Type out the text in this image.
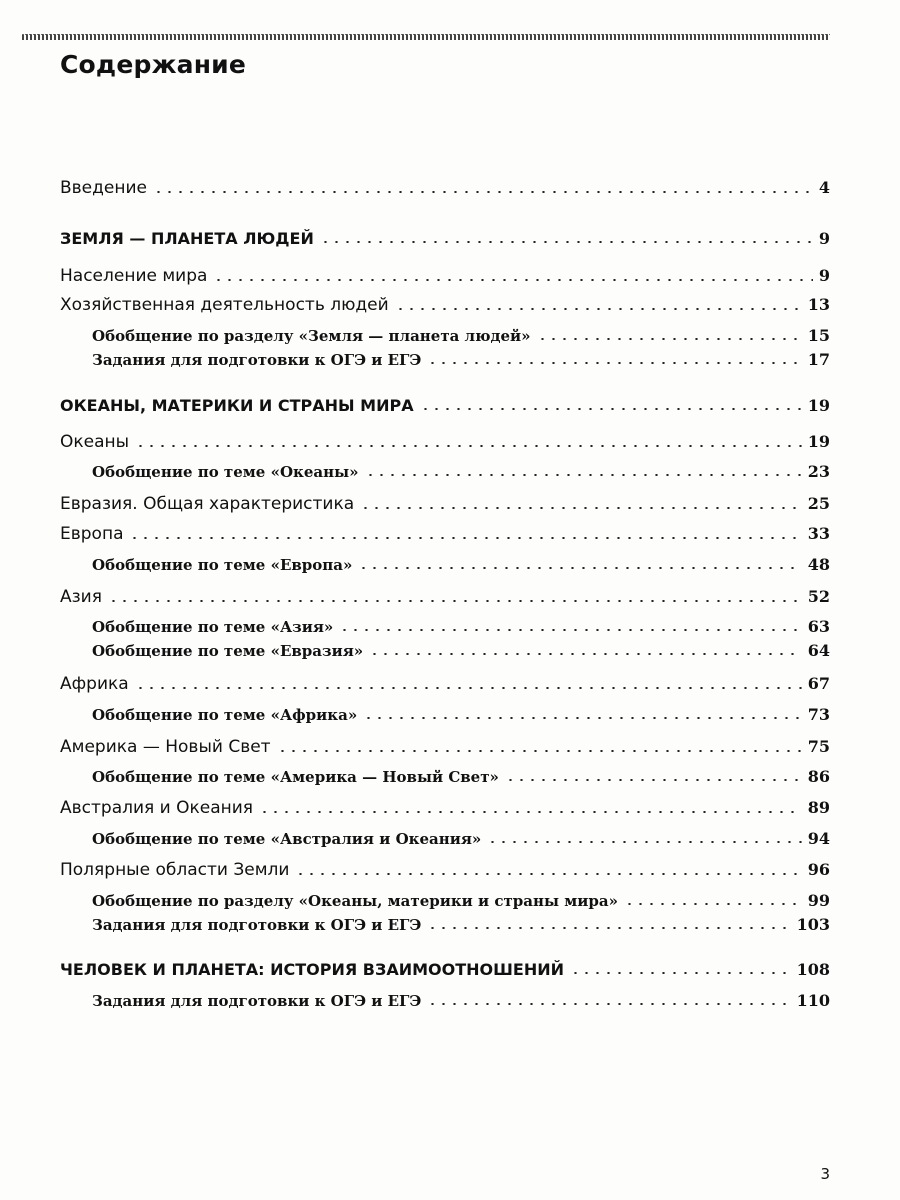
Содержание
Введение	4
ЗЕМЛЯ — ПЛАНЕТА ЛЮДЕЙ	9
Население мира	9
Хозяйственная деятельность людей	13
Обобщение по разделу «Земля — планета людей»	15
Задания для подготовки к ОГЭ и ЕГЭ	17
ОКЕАНЫ, МАТЕРИКИ И СТРАНЫ МИРА	19
Океаны	19
Обобщение по теме «Океаны»	23
Евразия. Общая характеристика	25
Европа	33
Обобщение по теме «Европа»	48
Азия	52
Обобщение по теме «Азия»	63
Обобщение по теме «Евразия»	64
Африка	67
Обобщение по теме «Африка»	73
Америка — Новый Свет	75
Обобщение по теме «Америка — Новый Свет»	86
Австралия и Океания	89
Обобщение по теме «Австралия и Океания»	94
Полярные области Земли	96
Обобщение по разделу «Океаны, материки и страны мира»	99
Задания для подготовки к ОГЭ и ЕГЭ	103
ЧЕЛОВЕК И ПЛАНЕТА: ИСТОРИЯ ВЗАИМООТНОШЕНИЙ	108
Задания для подготовки к ОГЭ и ЕГЭ	110
3
